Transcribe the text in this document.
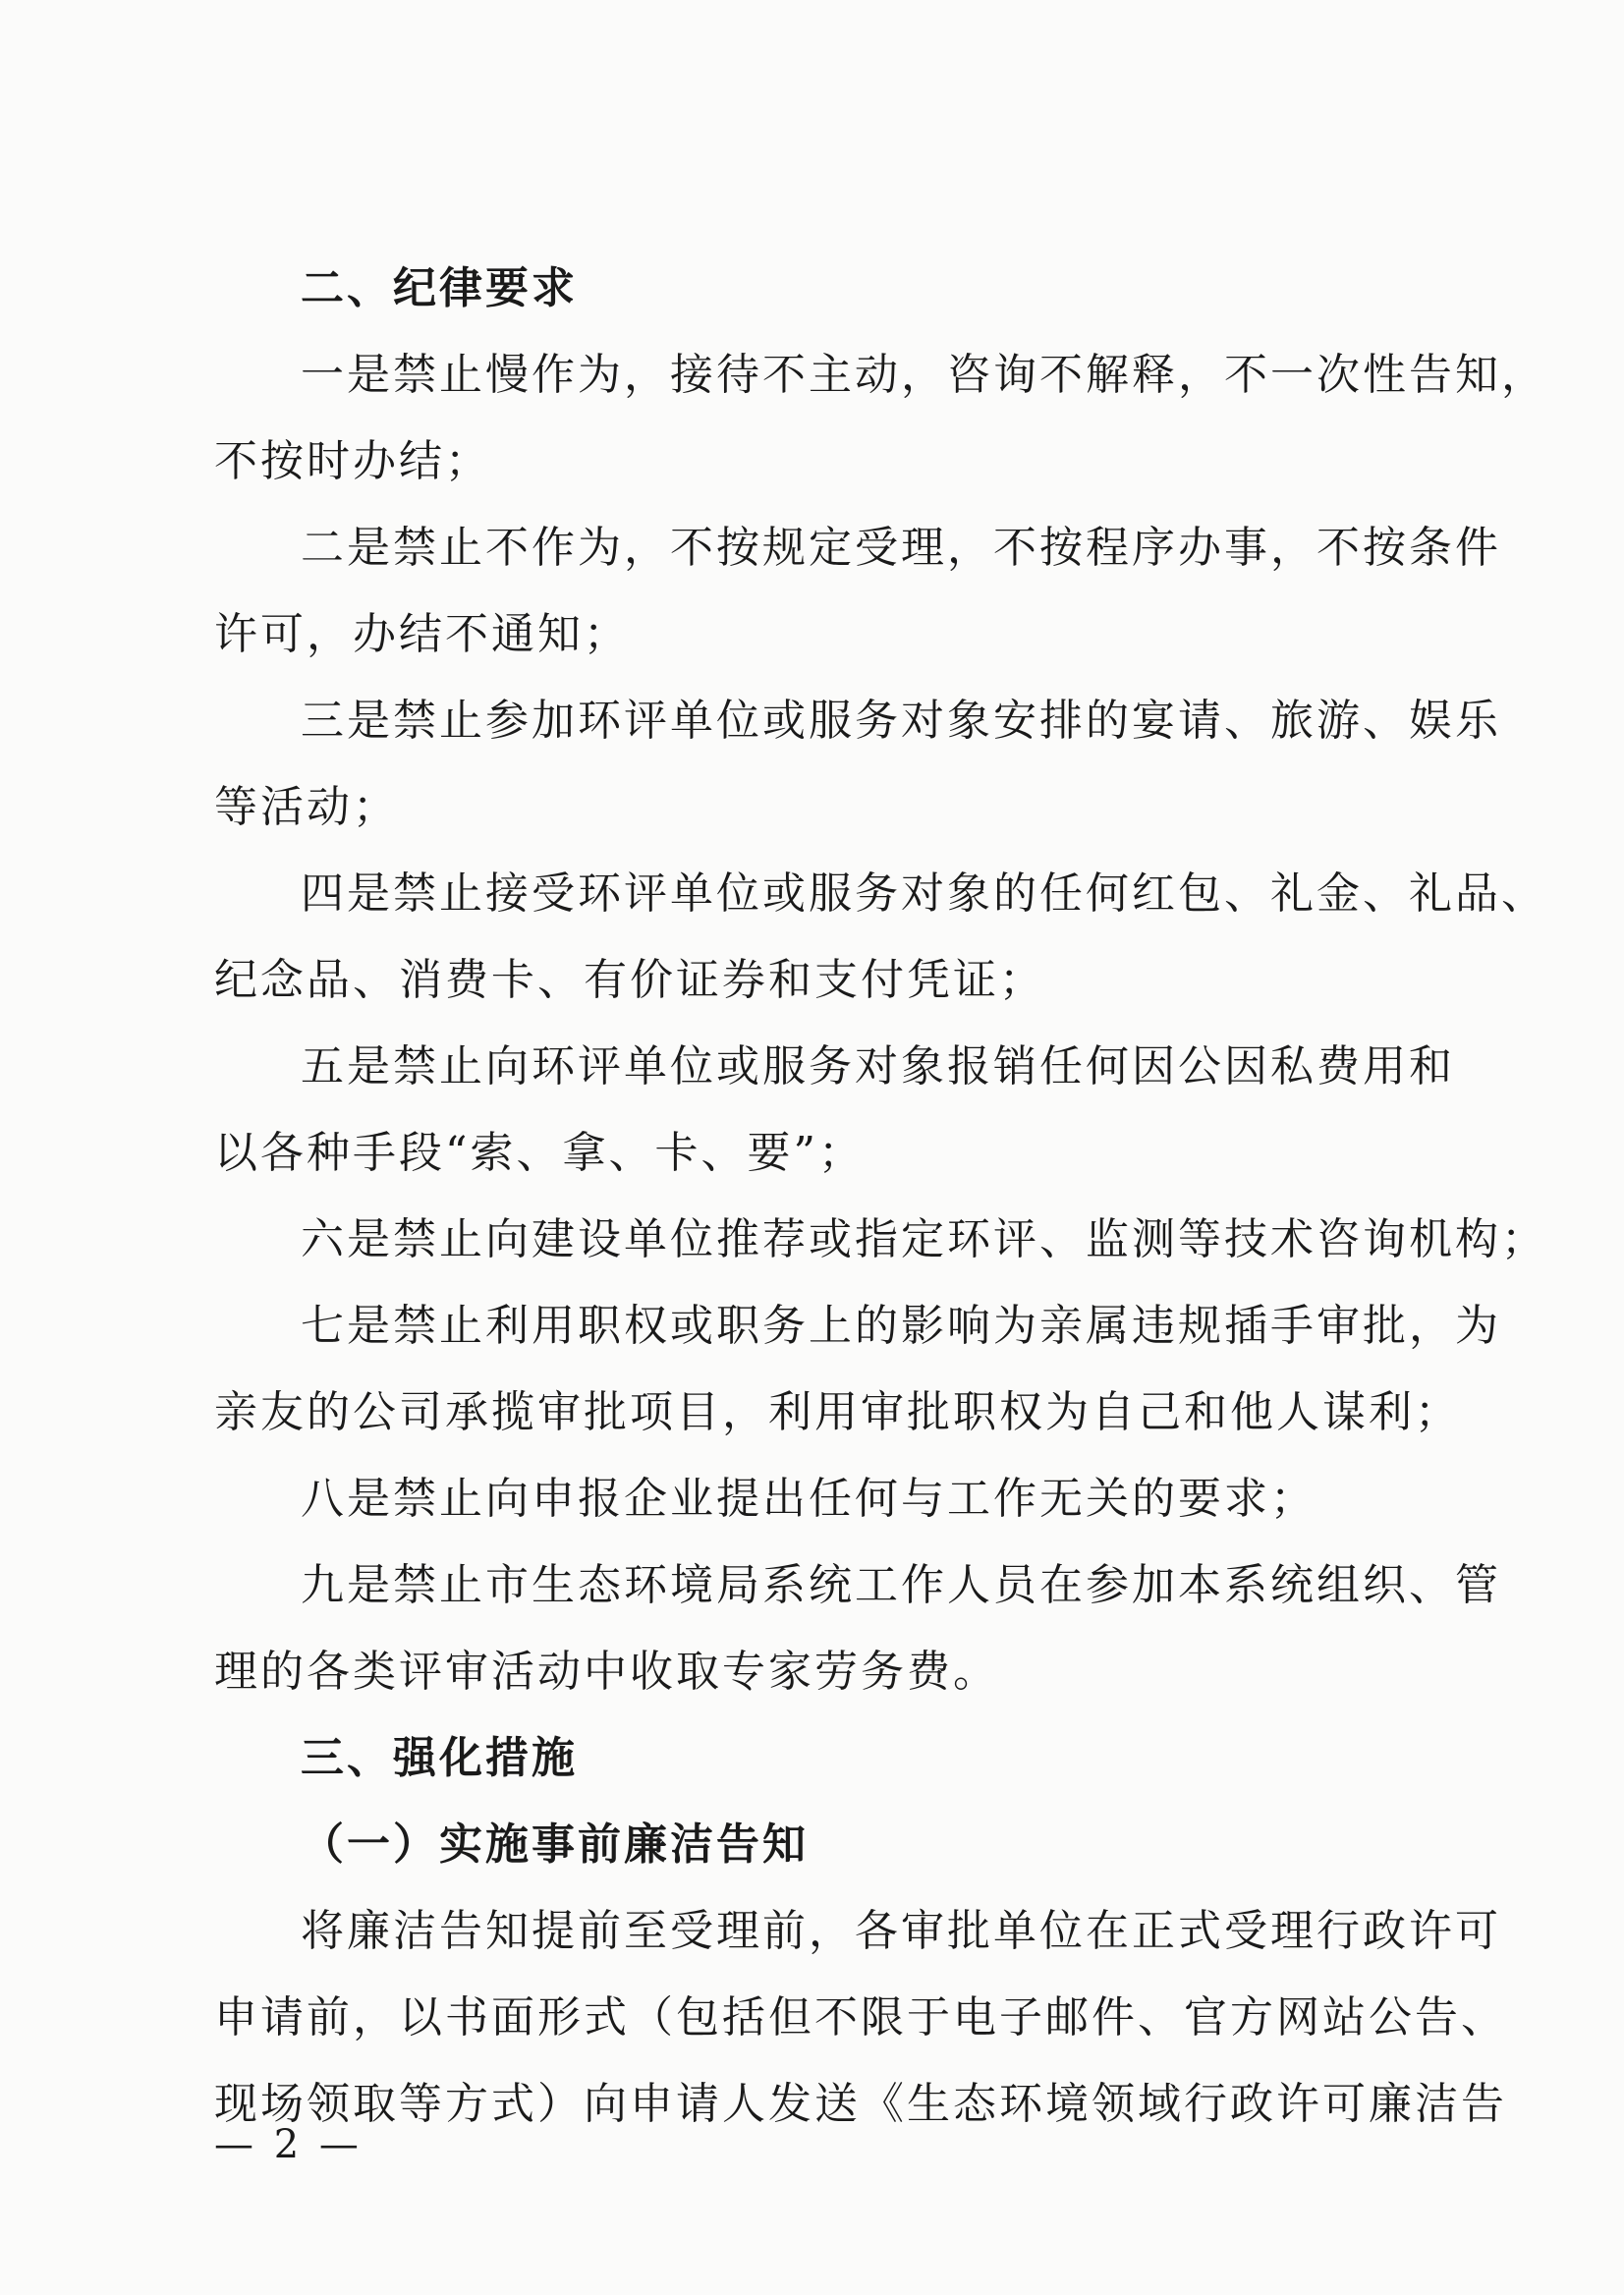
二、纪律要求
一是禁止慢作为，接待不主动，咨询不解释，不一次性告知，
不按时办结；
二是禁止不作为，不按规定受理，不按程序办事，不按条件
许可，办结不通知；
三是禁止参加环评单位或服务对象安排的宴请、旅游、娱乐
等活动；
四是禁止接受环评单位或服务对象的任何红包、礼金、礼品、
纪念品、消费卡、有价证券和支付凭证；
五是禁止向环评单位或服务对象报销任何因公因私费用和
以各种手段“索、拿、卡、要”；
六是禁止向建设单位推荐或指定环评、监测等技术咨询机构；
七是禁止利用职权或职务上的影响为亲属违规插手审批，为
亲友的公司承揽审批项目，利用审批职权为自己和他人谋利；
八是禁止向申报企业提出任何与工作无关的要求；
九是禁止市生态环境局系统工作人员在参加本系统组织、管
理的各类评审活动中收取专家劳务费。
三、强化措施
（一）实施事前廉洁告知
将廉洁告知提前至受理前，各审批单位在正式受理行政许可
申请前，以书面形式（包括但不限于电子邮件、官方网站公告、
现场领取等方式）向申请人发送《生态环境领域行政许可廉洁告
— 2 —
